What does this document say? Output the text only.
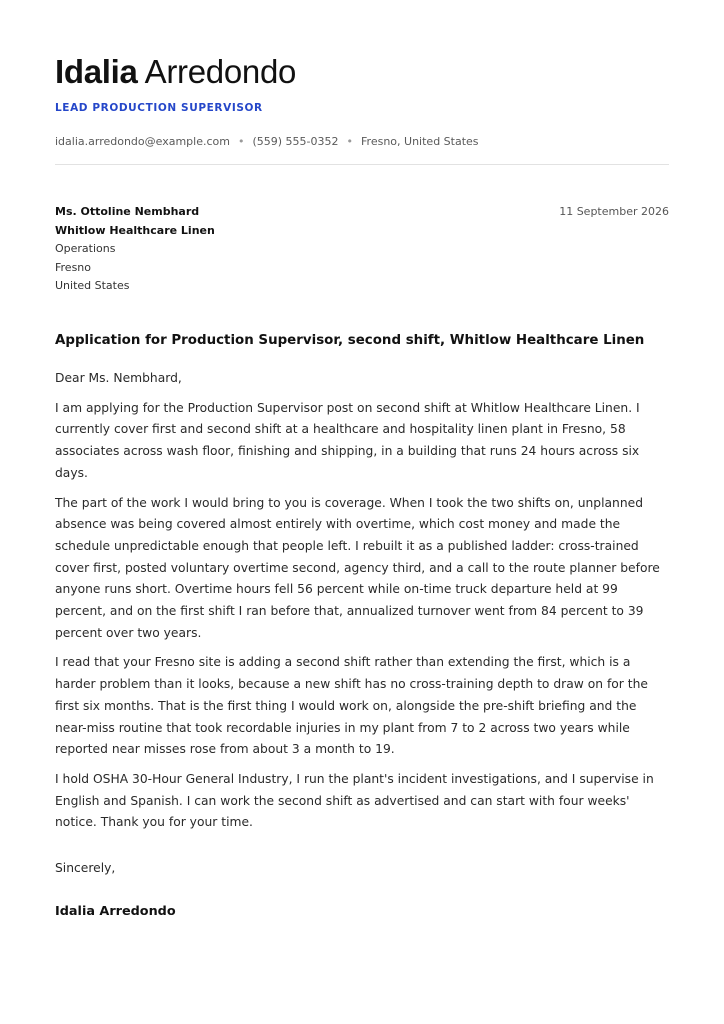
Idalia Arredondo
LEAD PRODUCTION SUPERVISOR
idalia.arredondo@example.com • (559) 555-0352 • Fresno, United States
Ms. Ottoline Nembhard
Whitlow Healthcare Linen
Operations
Fresno
United States
11 September 2026
Application for Production Supervisor, second shift, Whitlow Healthcare Linen
Dear Ms. Nembhard,
I am applying for the Production Supervisor post on second shift at Whitlow Healthcare Linen. I currently cover first and second shift at a healthcare and hospitality linen plant in Fresno, 58 associates across wash floor, finishing and shipping, in a building that runs 24 hours across six days.
The part of the work I would bring to you is coverage. When I took the two shifts on, unplanned absence was being covered almost entirely with overtime, which cost money and made the schedule unpredictable enough that people left. I rebuilt it as a published ladder: cross-trained cover first, posted voluntary overtime second, agency third, and a call to the route planner before anyone runs short. Overtime hours fell 56 percent while on-time truck departure held at 99 percent, and on the first shift I ran before that, annualized turnover went from 84 percent to 39 percent over two years.
I read that your Fresno site is adding a second shift rather than extending the first, which is a harder problem than it looks, because a new shift has no cross-training depth to draw on for the first six months. That is the first thing I would work on, alongside the pre-shift briefing and the near-miss routine that took recordable injuries in my plant from 7 to 2 across two years while reported near misses rose from about 3 a month to 19.
I hold OSHA 30-Hour General Industry, I run the plant's incident investigations, and I supervise in English and Spanish. I can work the second shift as advertised and can start with four weeks' notice. Thank you for your time.
Sincerely,
Idalia Arredondo
